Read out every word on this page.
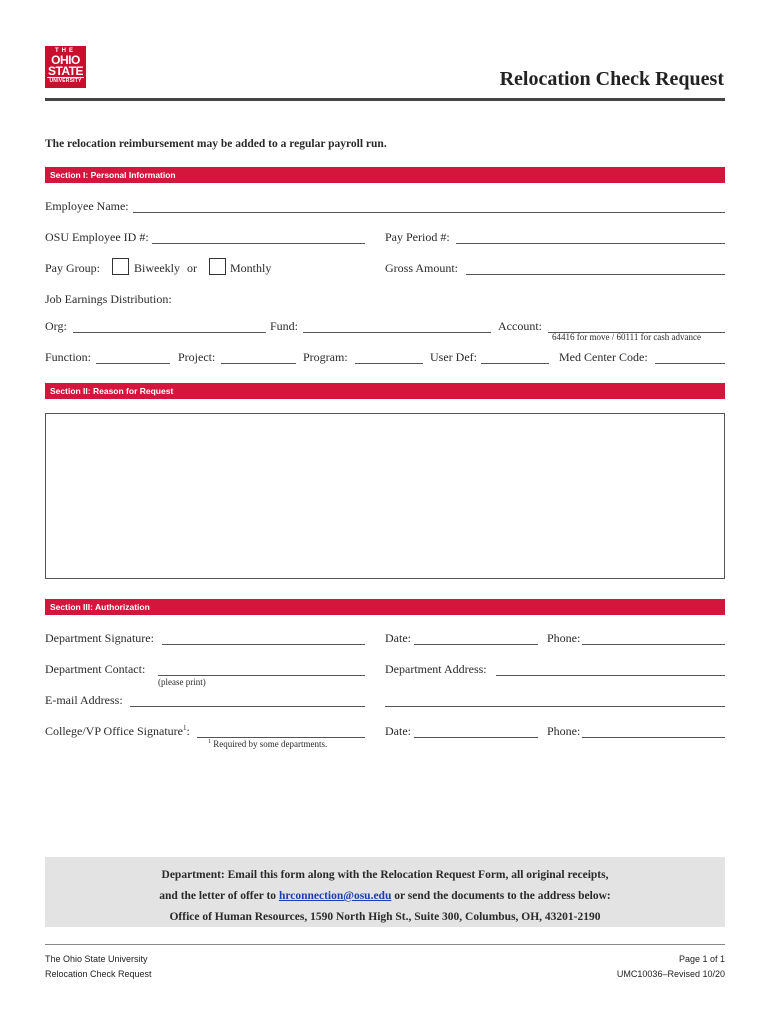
THE
OHIO
STATE
UNIVERSITY	Relocation Check Request
The relocation reimbursement may be added to a regular payroll run.
Section I: Personal Information
Employee Name:
OSU Employee ID #:	Pay Period #:
Pay Group:	Biweekly or	Monthly	Gross Amount:
Job Earnings Distribution:
Org:	Fund:	Account:
64416 for move / 60111 for cash advance
Function:	Project:	Program:	User Def:	Med Center Code:
Section II: Reason for Request
Section III: Authorization
Department Signature:	Date:	Phone:
Department Contact:
(please print)
Department Address:
E-mail Address:
College/VP Office Signature$^1$:	Date:	Phone:
$^1$ Required by some departments.
Department: Email this form along with the Relocation Request Form, all original receipts,
and the letter of offer to hrconnection@osu.edu or send the documents to the address below:
Office of Human Resources, 1590 North High St., Suite 300, Columbus, OH, 43201-2190
The Ohio State University
Relocation Check Request
Page 1 of 1
UMC10036–Revised 10/20
